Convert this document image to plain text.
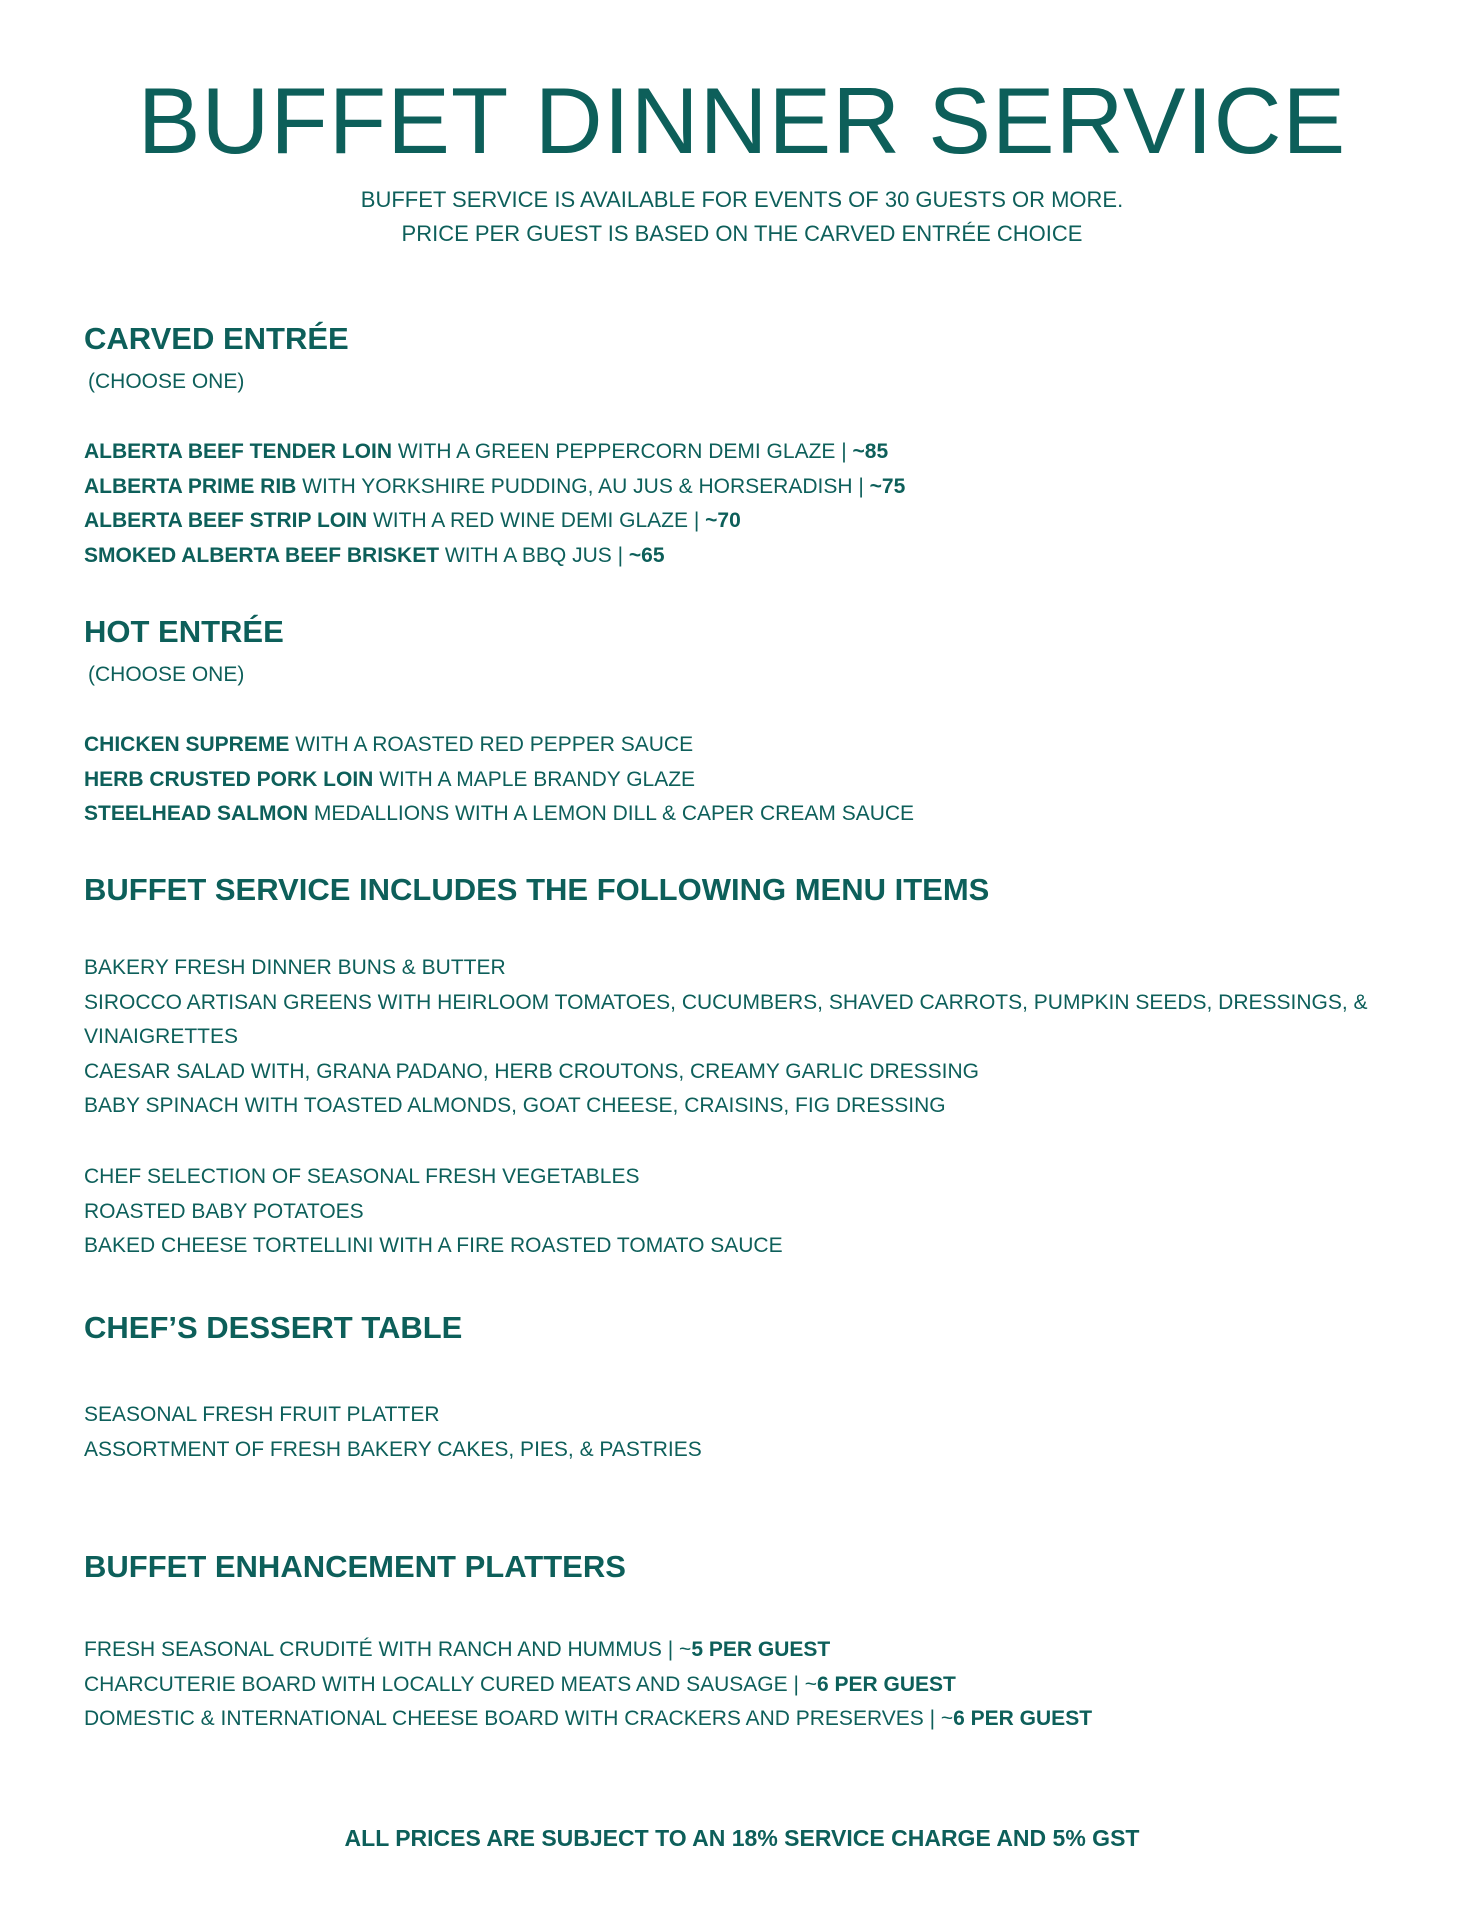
BUFFET DINNER SERVICE
BUFFET SERVICE IS AVAILABLE FOR EVENTS OF 30 GUESTS OR MORE.
PRICE PER GUEST IS BASED ON THE CARVED ENTRÉE CHOICE
CARVED ENTRÉE

(CHOOSE ONE)

ALBERTA BEEF TENDER LOIN WITH A GREEN PEPPERCORN DEMI GLAZE | ~85
ALBERTA PRIME RIB WITH YORKSHIRE PUDDING, AU JUS & HORSERADISH | ~75
ALBERTA BEEF STRIP LOIN WITH A RED WINE DEMI GLAZE | ~70
SMOKED ALBERTA BEEF BRISKET WITH A BBQ JUS | ~65
HOT ENTRÉE

(CHOOSE ONE)

CHICKEN SUPREME WITH A ROASTED RED PEPPER SAUCE
HERB CRUSTED PORK LOIN WITH A MAPLE BRANDY GLAZE
STEELHEAD SALMON MEDALLIONS WITH A LEMON DILL & CAPER CREAM SAUCE
BUFFET SERVICE INCLUDES THE FOLLOWING MENU ITEMS
BAKERY FRESH DINNER BUNS & BUTTER
SIROCCO ARTISAN GREENS WITH HEIRLOOM TOMATOES, CUCUMBERS, SHAVED CARROTS, PUMPKIN SEEDS, DRESSINGS, & VINAIGRETTES
CAESAR SALAD WITH, GRANA PADANO, HERB CROUTONS, CREAMY GARLIC DRESSING
BABY SPINACH WITH TOASTED ALMONDS, GOAT CHEESE, CRAISINS, FIG DRESSING
CHEF SELECTION OF SEASONAL FRESH VEGETABLES
ROASTED BABY POTATOES
BAKED CHEESE TORTELLINI WITH A FIRE ROASTED TOMATO SAUCE
CHEF’S DESSERT TABLE
SEASONAL FRESH FRUIT PLATTER
ASSORTMENT OF FRESH BAKERY CAKES, PIES, & PASTRIES
BUFFET ENHANCEMENT PLATTERS
FRESH SEASONAL CRUDITÉ WITH RANCH AND HUMMUS | ~5 PER GUEST
CHARCUTERIE BOARD WITH LOCALLY CURED MEATS AND SAUSAGE | ~6 PER GUEST
DOMESTIC & INTERNATIONAL CHEESE BOARD WITH CRACKERS AND PRESERVES | ~6 PER GUEST

ALL PRICES ARE SUBJECT TO AN 18% SERVICE CHARGE AND 5% GST
